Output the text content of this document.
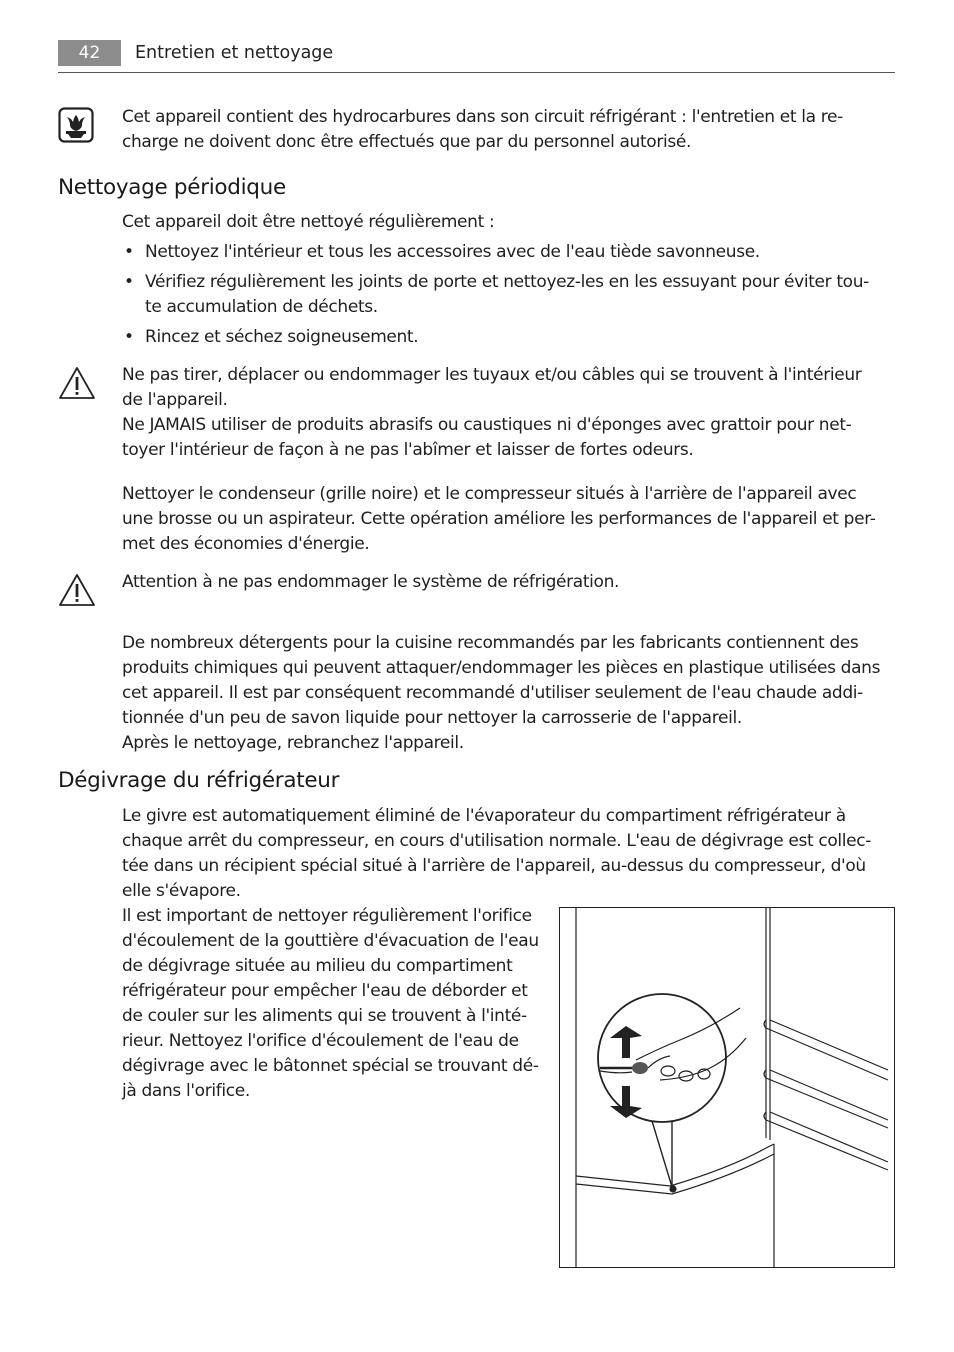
42	Entretien et nettoyage
Cet appareil contient des hydrocarbures dans son circuit réfrigérant : l'entretien et la re-
charge ne doivent donc être effectués que par du personnel autorisé.
Nettoyage périodique
Cet appareil doit être nettoyé régulièrement :
• Nettoyez l'intérieur et tous les accessoires avec de l'eau tiède savonneuse.
• Vérifiez régulièrement les joints de porte et nettoyez-les en les essuyant pour éviter tou-
te accumulation de déchets.
• Rincez et séchez soigneusement.
Ne pas tirer, déplacer ou endommager les tuyaux et/ou câbles qui se trouvent à l'intérieur
de l'appareil.
Ne JAMAIS utiliser de produits abrasifs ou caustiques ni d'éponges avec grattoir pour net-
toyer l'intérieur de façon à ne pas l'abîmer et laisser de fortes odeurs.
Nettoyer le condenseur (grille noire) et le compresseur situés à l'arrière de l'appareil avec
une brosse ou un aspirateur. Cette opération améliore les performances de l'appareil et per-
met des économies d'énergie.
Attention à ne pas endommager le système de réfrigération.
De nombreux détergents pour la cuisine recommandés par les fabricants contiennent des
produits chimiques qui peuvent attaquer/endommager les pièces en plastique utilisées dans
cet appareil. Il est par conséquent recommandé d'utiliser seulement de l'eau chaude addi-
tionnée d'un peu de savon liquide pour nettoyer la carrosserie de l'appareil.
Après le nettoyage, rebranchez l'appareil.
Dégivrage du réfrigérateur
Le givre est automatiquement éliminé de l'évaporateur du compartiment réfrigérateur à
chaque arrêt du compresseur, en cours d'utilisation normale. L'eau de dégivrage est collec-
tée dans un récipient spécial situé à l'arrière de l'appareil, au-dessus du compresseur, d'où
elle s'évapore.
Il est important de nettoyer régulièrement l'orifice
d'écoulement de la gouttière d'évacuation de l'eau
de dégivrage située au milieu du compartiment
réfrigérateur pour empêcher l'eau de déborder et
de couler sur les aliments qui se trouvent à l'inté-
rieur. Nettoyez l'orifice d'écoulement de l'eau de
dégivrage avec le bâtonnet spécial se trouvant dé-
jà dans l'orifice.
